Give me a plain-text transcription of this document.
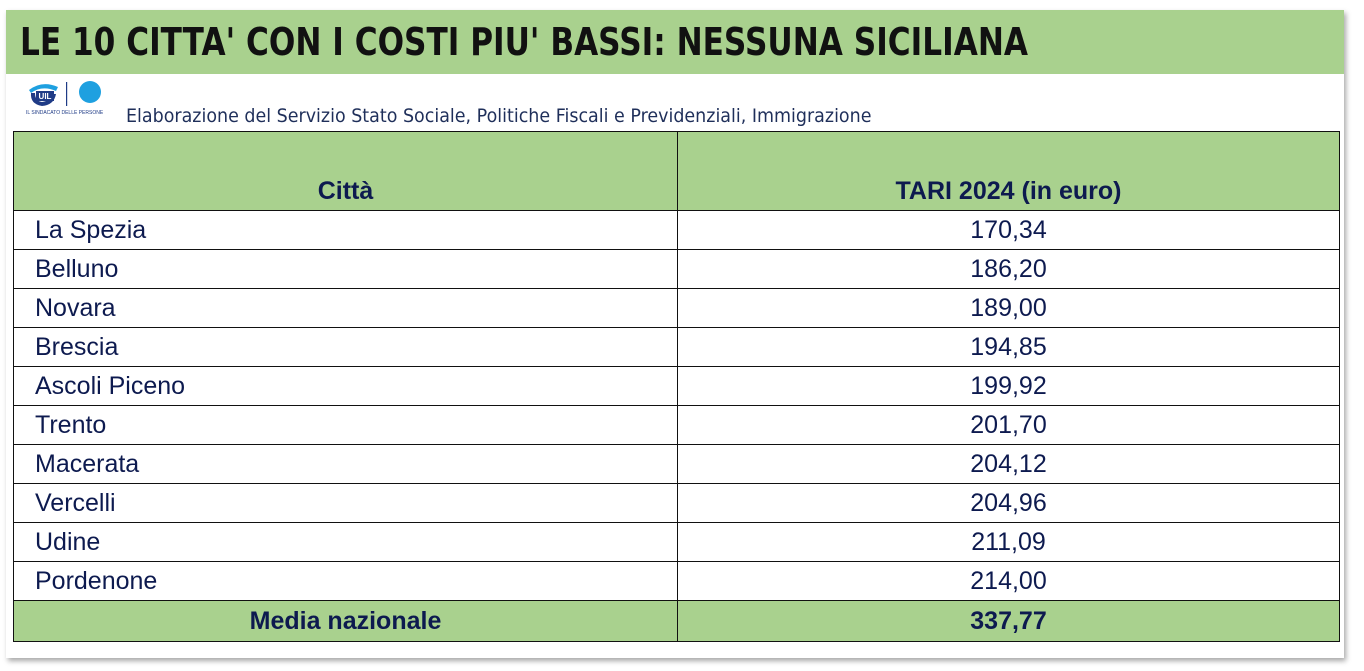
LE 10 CITTA' CON I COSTI PIU' BASSI: NESSUNA SICILIANA
UIL
IL SINDACATO DELLE PERSONE	Elaborazione del Servizio Stato Sociale, Politiche Fiscali e Previdenziali, Immigrazione
Città	TARI 2024 (in euro)
La Spezia	170,34
Belluno	186,20
Novara	189,00
Brescia	194,85
Ascoli Piceno	199,92
Trento	201,70
Macerata	204,12
Vercelli	204,96
Udine	211,09
Pordenone	214,00
Media nazionale	337,77
